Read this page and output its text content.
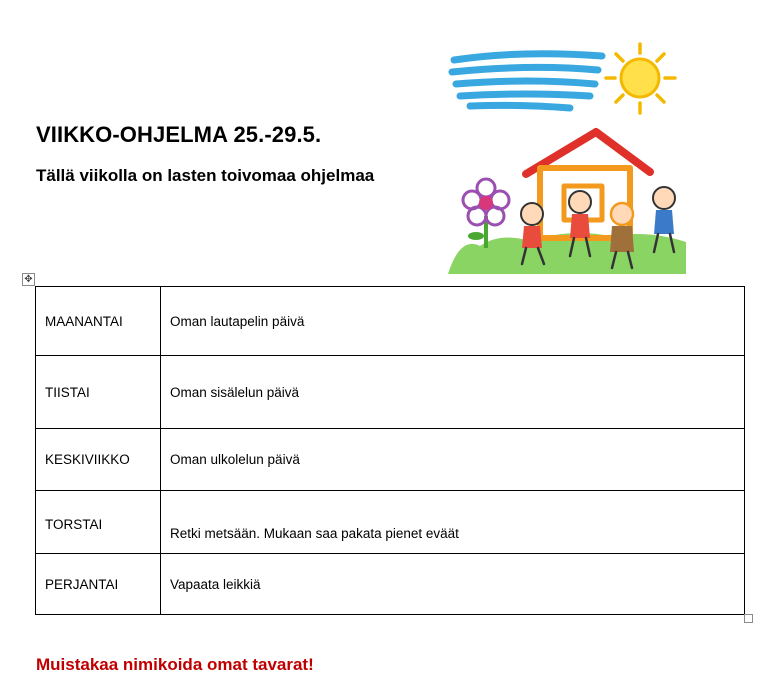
VIIKKO-OHJELMA 25.-29.5.
Tällä viikolla on lasten toivomaa ohjelmaa
✥
MAANANTAI	Oman lautapelin päivä
TIISTAI	Oman sisälelun päivä
KESKIVIIKKO	Oman ulkolelun päivä
TORSTAI	Retki metsään. Mukaan saa pakata pienet eväät
PERJANTAI	Vapaata leikkiä
Muistakaa nimikoida omat tavarat!
